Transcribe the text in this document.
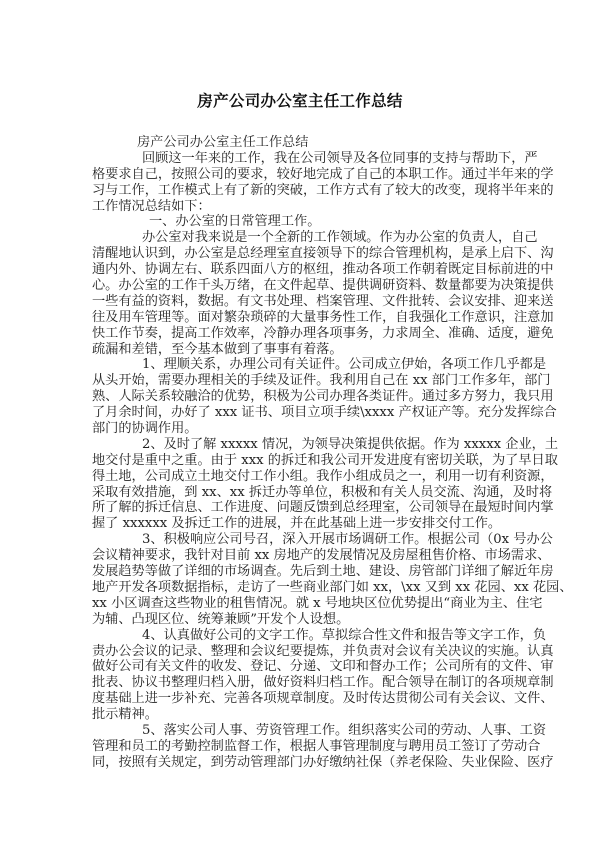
房产公司办公室主任工作总结
房产公司办公室主任工作总结
回顾这一年来的工作，我在公司领导及各位同事的支持与帮助下，严
格要求自己，按照公司的要求，较好地完成了自己的本职工作。通过半年来的学
习与工作，工作模式上有了新的突破，工作方式有了较大的改变，现将半年来的
工作情况总结如下：
一、办公室的日常管理工作。
办公室对我来说是一个全新的工作领域。作为办公室的负责人，自己
清醒地认识到，办公室是总经理室直接领导下的综合管理机构，是承上启下、沟
通内外、协调左右、联系四面八方的枢纽，推动各项工作朝着既定目标前进的中
心。办公室的工作千头万绪，在文件起草、提供调研资料、数量都要为决策提供
一些有益的资料，数据。有文书处理、档案管理、文件批转、会议安排、迎来送
往及用车管理等。面对繁杂琐碎的大量事务性工作，自我强化工作意识，注意加
快工作节奏，提高工作效率，冷静办理各项事务，力求周全、准确、适度，避免
疏漏和差错，至今基本做到了事事有着落。
1、理顺关系，办理公司有关证件。公司成立伊始，各项工作几乎都是
从头开始，需要办理相关的手续及证件。我利用自己在 xx 部门工作多年，部门
熟、人际关系较融洽的优势，积极为公司办理各类证件。通过多方努力，我只用
了月余时间，办好了 xxx 证书、项目立项手续\xxxx 产权证产等。充分发挥综合
部门的协调作用。
2、及时了解 xxxxx 情况，为领导决策提供依据。作为 xxxxx 企业，土
地交付是重中之重。由于 xxx 的拆迁和我公司开发进度有密切关联，为了早日取
得土地，公司成立土地交付工作小组。我作小组成员之一，利用一切有利资源，
采取有效措施，到 xx、xx 拆迁办等单位，积极和有关人员交流、沟通，及时将
所了解的拆迁信息、工作进度、问题反馈到总经理室，公司领导在最短时间内掌
握了 xxxxxx 及拆迁工作的进展，并在此基础上进一步安排交付工作。
3、积极响应公司号召，深入开展市场调研工作。根据公司（0x 号办公
会议精神要求，我针对目前 xx 房地产的发展情况及房屋租售价格、市场需求、
发展趋势等做了详细的市场调查。先后到土地、建设、房管部门详细了解近年房
地产开发各项数据指标，走访了一些商业部门如 xx，\xx 又到 xx 花园、xx 花园、
xx 小区调查这些物业的租售情况。就 x 号地块区位优势提出“商业为主、住宅
为辅、凸现区位、统筹兼顾”开发个人设想。
4、认真做好公司的文字工作。草拟综合性文件和报告等文字工作，负
责办公会议的记录、整理和会议纪要提炼，并负责对会议有关决议的实施。认真
做好公司有关文件的收发、登记、分递、文印和督办工作；公司所有的文件、审
批表、协议书整理归档入册，做好资料归档工作。配合领导在制订的各项规章制
度基础上进一步补充、完善各项规章制度。及时传达贯彻公司有关会议、文件、
批示精神。
5、落实公司人事、劳资管理工作。组织落实公司的劳动、人事、工资
管理和员工的考勤控制监督工作，根据人事管理制度与聘用员工签订了劳动合
同，按照有关规定，到劳动管理部门办好缴纳社保（养老保险、失业保险、医疗
